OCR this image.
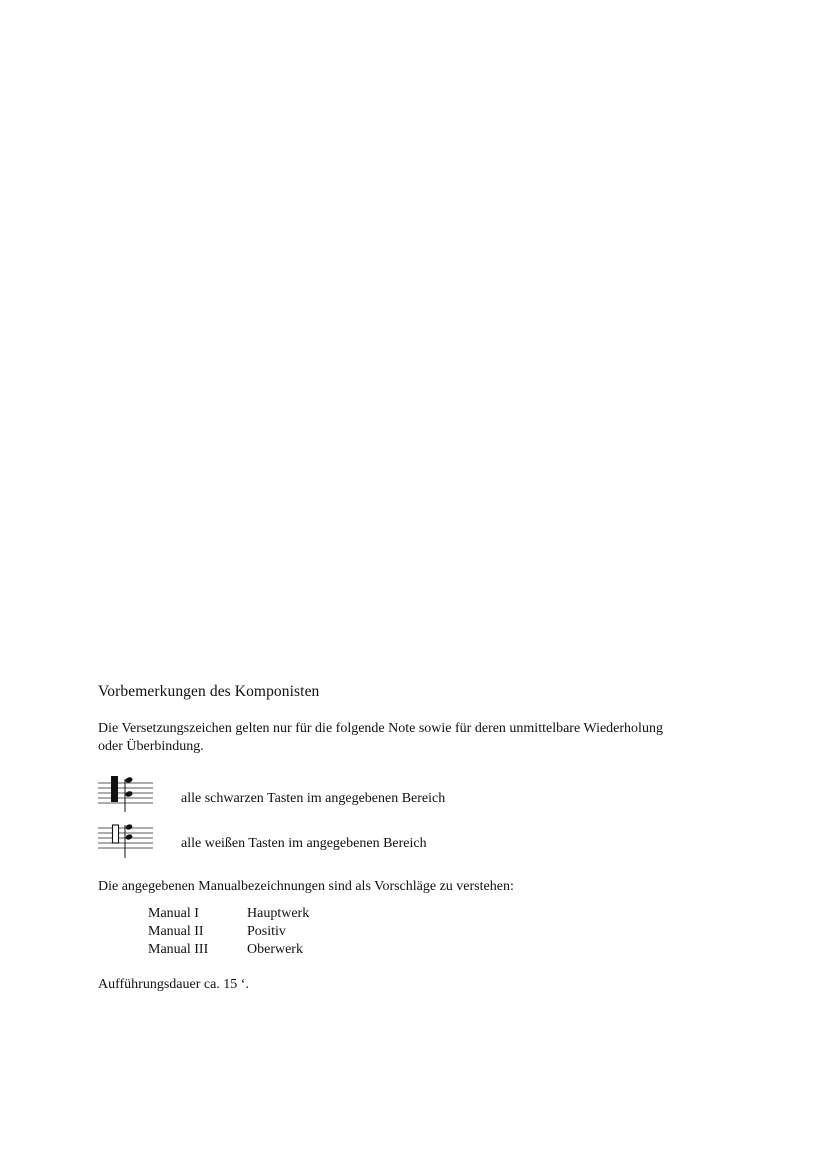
Vorbemerkungen des Komponisten
Die Versetzungszeichen gelten nur für die folgende Note sowie für deren unmittelbare Wiederholung
oder Überbindung.
alle schwarzen Tasten im angegebenen Bereich
alle weißen Tasten im angegebenen Bereich
Die angegebenen Manualbezeichnungen sind als Vorschläge zu verstehen:
Manual I	Hauptwerk
Manual II	Positiv
Manual III	Oberwerk
Aufführungsdauer ca. 15 ‘.
